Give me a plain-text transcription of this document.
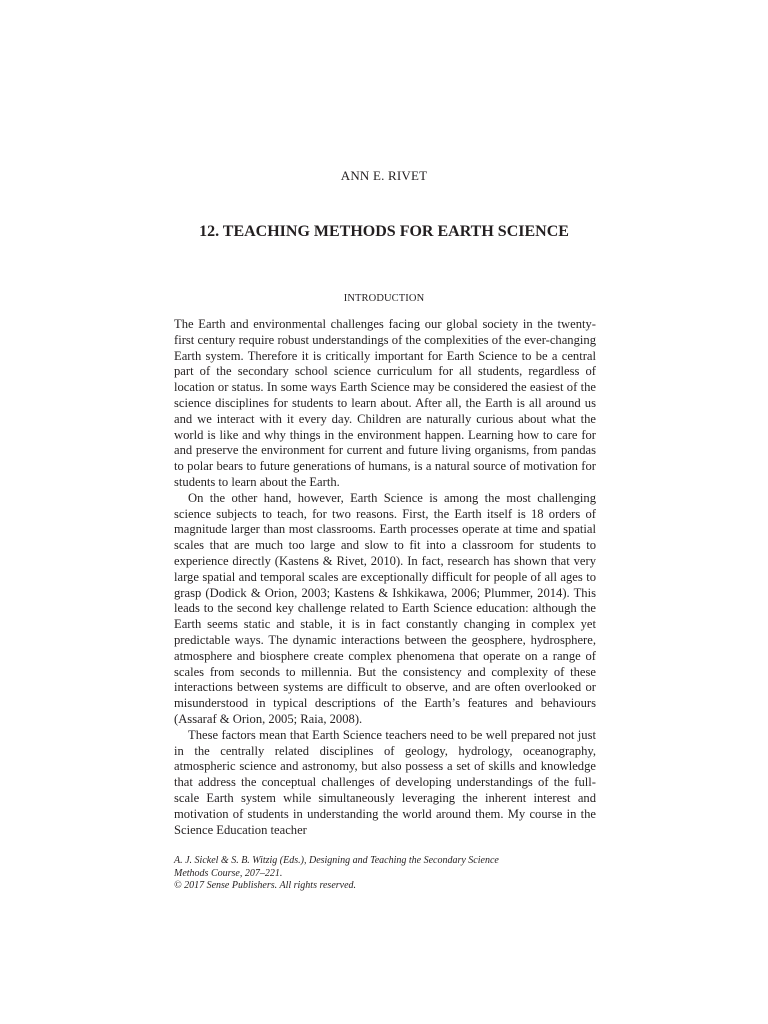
ANN E. RIVET
12. TEACHING METHODS FOR EARTH SCIENCE
INTRODUCTION

The Earth and environmental challenges facing our global society in the twenty-first century require robust understandings of the complexities of the ever-changing Earth system. Therefore it is critically important for Earth Science to be a central part of the secondary school science curriculum for all students, regardless of location or status. In some ways Earth Science may be considered the easiest of the science disciplines for students to learn about. After all, the Earth is all around us and we interact with it every day. Children are naturally curious about what the world is like and why things in the environment happen. Learning how to care for and preserve the environment for current and future living organisms, from pandas to polar bears to future generations of humans, is a natural source of motivation for students to learn about the Earth.

On the other hand, however, Earth Science is among the most challenging science subjects to teach, for two reasons. First, the Earth itself is 18 orders of magnitude larger than most classrooms. Earth processes operate at time and spatial scales that are much too large and slow to fit into a classroom for students to experience directly (Kastens & Rivet, 2010). In fact, research has shown that very large spatial and temporal scales are exceptionally difficult for people of all ages to grasp (Dodick & Orion, 2003; Kastens & Ishkikawa, 2006; Plummer, 2014). This leads to the second key challenge related to Earth Science education: although the Earth seems static and stable, it is in fact constantly changing in complex yet predictable ways. The dynamic interactions between the geosphere, hydrosphere, atmosphere and biosphere create complex phenomena that operate on a range of scales from seconds to millennia. But the consistency and complexity of these interactions between systems are difficult to observe, and are often overlooked or misunderstood in typical descriptions of the Earth’s features and behaviours (Assaraf & Orion, 2005; Raia, 2008).

These factors mean that Earth Science teachers need to be well prepared not just in the centrally related disciplines of geology, hydrology, oceanography, atmospheric science and astronomy, but also possess a set of skills and knowledge that address the conceptual challenges of developing understandings of the full-scale Earth system while simultaneously leveraging the inherent interest and motivation of students in understanding the world around them. My course in the Science Education teacher

A. J. Sickel & S. B. Witzig (Eds.), Designing and Teaching the Secondary Science
Methods Course, 207–221.
© 2017 Sense Publishers. All rights reserved.
